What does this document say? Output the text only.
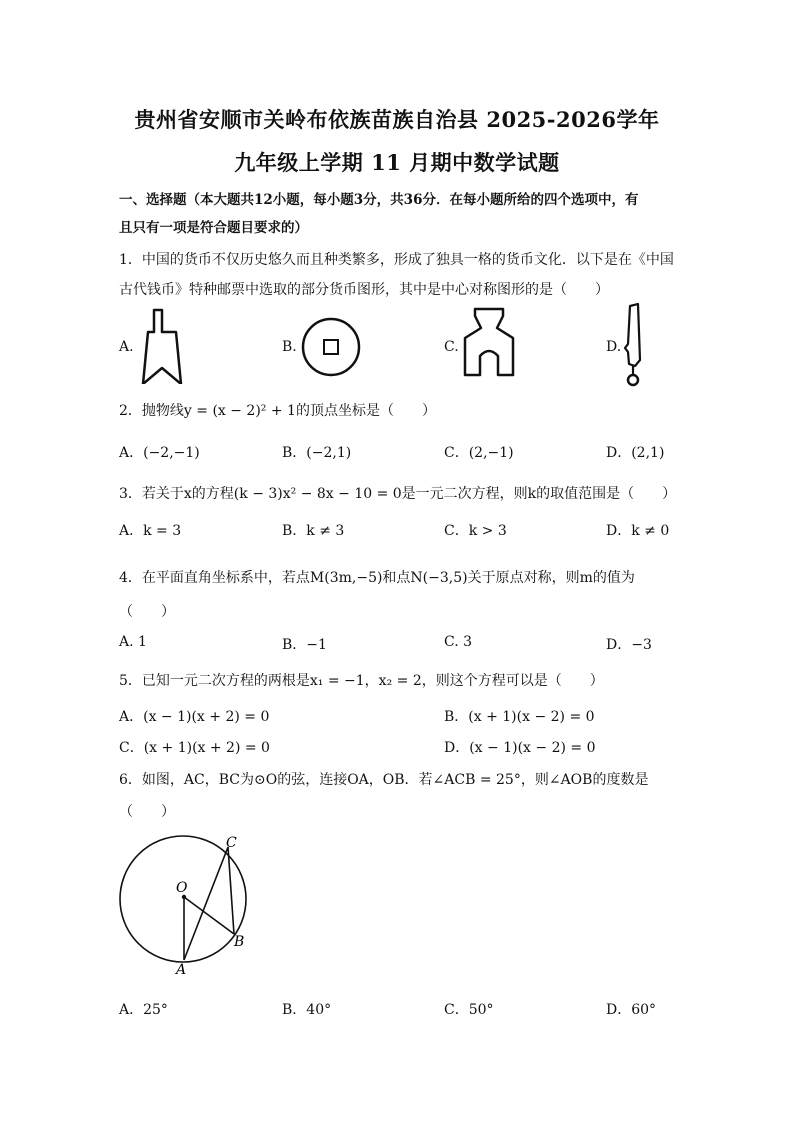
贵州省安顺市关岭布依族苗族自治县 2025-2026学年
九年级上学期 11 月期中数学试题
一、选择题（本大题共12小题，每小题3分，共36分．在每小题所给的四个选项中，有
且只有一项是符合题目要求的）
1．中国的货币不仅历史悠久而且种类繁多，形成了独具一格的货币文化．以下是在《中国
古代钱币》特种邮票中选取的部分货币图形，其中是中心对称图形的是（　　）
A.	B.	C.	D.
2．抛物线y = (x − 2)² + 1的顶点坐标是（　　）
A．(−2,−1)	B．(−2,1)	C．(2,−1)	D．(2,1)
3．若关于x的方程(k − 3)x² − 8x − 10 = 0是一元二次方程，则k的取值范围是（　　）
A．k = 3	B．k ≠ 3	C．k > 3	D．k ≠ 0
4．在平面直角坐标系中，若点M(3m,−5)和点N(−3,5)关于原点对称，则m的值为
（　　）
A. 1	B．−1	C. 3	D．−3
5．已知一元二次方程的两根是x₁ = −1，x₂ = 2，则这个方程可以是（　　）
A．(x − 1)(x + 2) = 0	B．(x + 1)(x − 2) = 0
C．(x + 1)(x + 2) = 0	D．(x − 1)(x − 2) = 0
6．如图，AC，BC为⊙O的弦，连接OA，OB．若∠ACB = 25°，则∠AOB的度数是
（　　）
C
O
B
A
A．25°	B．40°	C．50°	D．60°
